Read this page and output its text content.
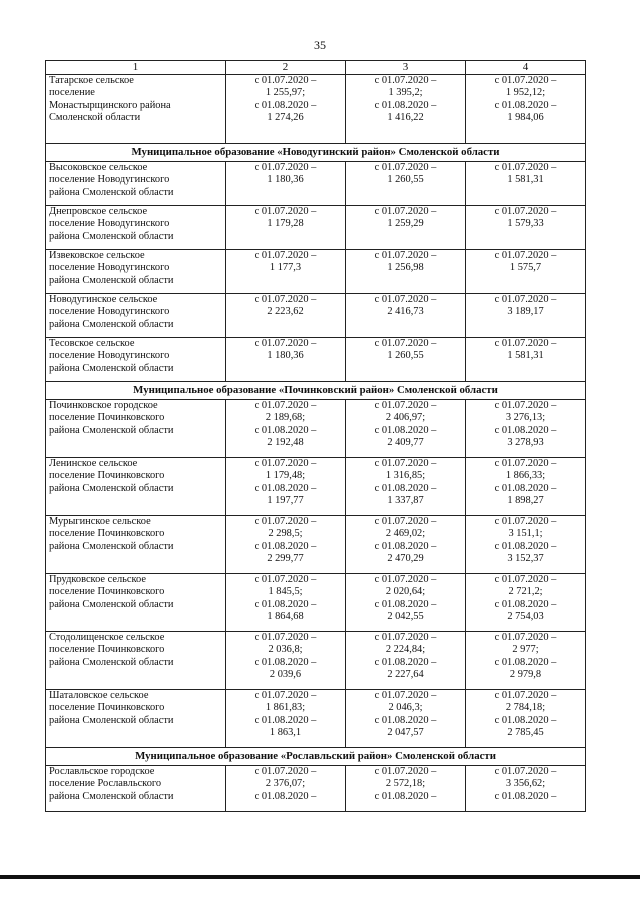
35
1	2	3	4

Татарское сельское
поселение
Монастырщинского района
Смоленской области	с 01.07.2020 –
1 255,97;
с 01.08.2020 –
1 274,26	с 01.07.2020 –
1 395,2;
с 01.08.2020 –
1 416,22	с 01.07.2020 –
1 952,12;
с 01.08.2020 –
1 984,06

Муниципальное образование «Новодугинский район» Смоленской области			

Высоковское сельское
поселение Новодугинского
района Смоленской области	с 01.07.2020 –
1 180,36	с 01.07.2020 –
1 260,55	с 01.07.2020 –
1 581,31

Днепровское сельское
поселение Новодугинского
района Смоленской области	с 01.07.2020 –
1 179,28	с 01.07.2020 –
1 259,29	с 01.07.2020 –
1 579,33

Извековское сельское
поселение Новодугинского
района Смоленской области	с 01.07.2020 –
1 177,3	с 01.07.2020 –
1 256,98	с 01.07.2020 –
1 575,7

Новодугинское сельское
поселение Новодугинского
района Смоленской области	с 01.07.2020 –
2 223,62	с 01.07.2020 –
2 416,73	с 01.07.2020 –
3 189,17

Тесовское сельское
поселение Новодугинского
района Смоленской области	с 01.07.2020 –
1 180,36	с 01.07.2020 –
1 260,55	с 01.07.2020 –
1 581,31

Муниципальное образование «Починковский район» Смоленской области			

Починковское городское
поселение Починковского
района Смоленской области	с 01.07.2020 –
2 189,68;
с 01.08.2020 –
2 192,48	с 01.07.2020 –
2 406,97;
с 01.08.2020 –
2 409,77	с 01.07.2020 –
3 276,13;
с 01.08.2020 –
3 278,93

Ленинское сельское
поселение Починковского
района Смоленской области	с 01.07.2020 –
1 179,48;
с 01.08.2020 –
1 197,77	с 01.07.2020 –
1 316,85;
с 01.08.2020 –
1 337,87	с 01.07.2020 –
1 866,33;
с 01.08.2020 –
1 898,27

Мурыгинское сельское
поселение Починковского
района Смоленской области	с 01.07.2020 –
2 298,5;
с 01.08.2020 –
2 299,77	с 01.07.2020 –
2 469,02;
с 01.08.2020 –
2 470,29	с 01.07.2020 –
3 151,1;
с 01.08.2020 –
3 152,37

Прудковское сельское
поселение Починковского
района Смоленской области	с 01.07.2020 –
1 845,5;
с 01.08.2020 –
1 864,68	с 01.07.2020 –
2 020,64;
с 01.08.2020 –
2 042,55	с 01.07.2020 –
2 721,2;
с 01.08.2020 –
2 754,03

Стодолищенское сельское
поселение Починковского
района Смоленской области	с 01.07.2020 –
2 036,8;
с 01.08.2020 –
2 039,6	с 01.07.2020 –
2 224,84;
с 01.08.2020 –
2 227,64	с 01.07.2020 –
2 977;
с 01.08.2020 –
2 979,8

Шаталовское сельское
поселение Починковского
района Смоленской области	с 01.07.2020 –
1 861,83;
с 01.08.2020 –
1 863,1	с 01.07.2020 –
2 046,3;
с 01.08.2020 –
2 047,57	с 01.07.2020 –
2 784,18;
с 01.08.2020 –
2 785,45

Муниципальное образование «Рославльский район» Смоленской области			

Рославльское городское
поселение Рославльского
района Смоленской области	с 01.07.2020 –
2 376,07;
с 01.08.2020 –	с 01.07.2020 –
2 572,18;
с 01.08.2020 –	с 01.07.2020 –
3 356,62;
с 01.08.2020 –
